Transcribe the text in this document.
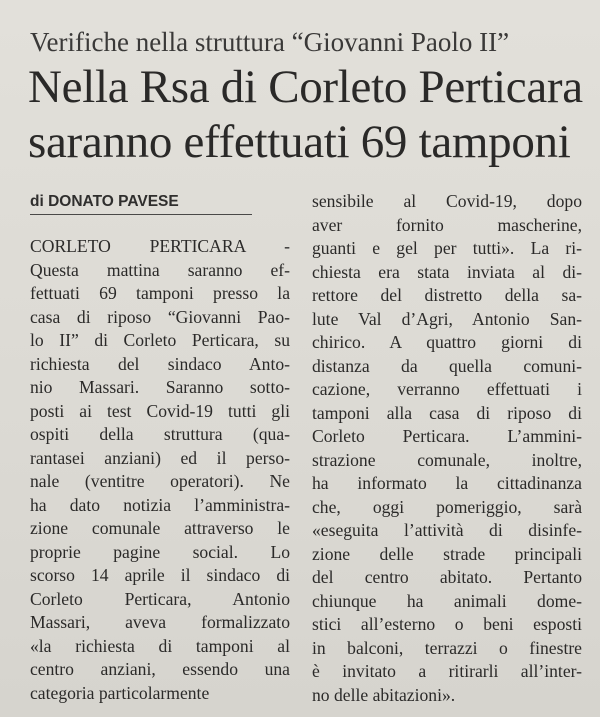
Verifiche nella struttura “Giovanni Paolo II”
Nella Rsa di Corleto Perticara
saranno effettuati 69 tamponi
di DONATO PAVESE
CORLETO PERTICARA -
Questa mattina saranno ef-
fettuati 69 tamponi presso la
casa di riposo “Giovanni Pao-
lo II” di Corleto Perticara, su
richiesta del sindaco Anto-
nio Massari. Saranno sotto-
posti ai test Covid-19 tutti gli
ospiti della struttura (qua-
rantasei anziani) ed il perso-
nale (ventitre operatori). Ne
ha dato notizia l’amministra-
zione comunale attraverso le
proprie pagine social. Lo
scorso 14 aprile il sindaco di
Corleto Perticara, Antonio
Massari, aveva formalizzato
«la richiesta di tamponi al
centro anziani, essendo una
categoria particolarmente
sensibile al Covid-19, dopo
aver fornito mascherine,
guanti e gel per tutti». La ri-
chiesta era stata inviata al di-
rettore del distretto della sa-
lute Val d’Agri, Antonio San-
chirico. A quattro giorni di
distanza da quella comuni-
cazione, verranno effettuati i
tamponi alla casa di riposo di
Corleto Perticara. L’ammini-
strazione comunale, inoltre,
ha informato la cittadinanza
che, oggi pomeriggio, sarà
«eseguita l’attività di disinfe-
zione delle strade principali
del centro abitato. Pertanto
chiunque ha animali dome-
stici all’esterno o beni esposti
in balconi, terrazzi o finestre
è invitato a ritirarli all’inter-
no delle abitazioni».
